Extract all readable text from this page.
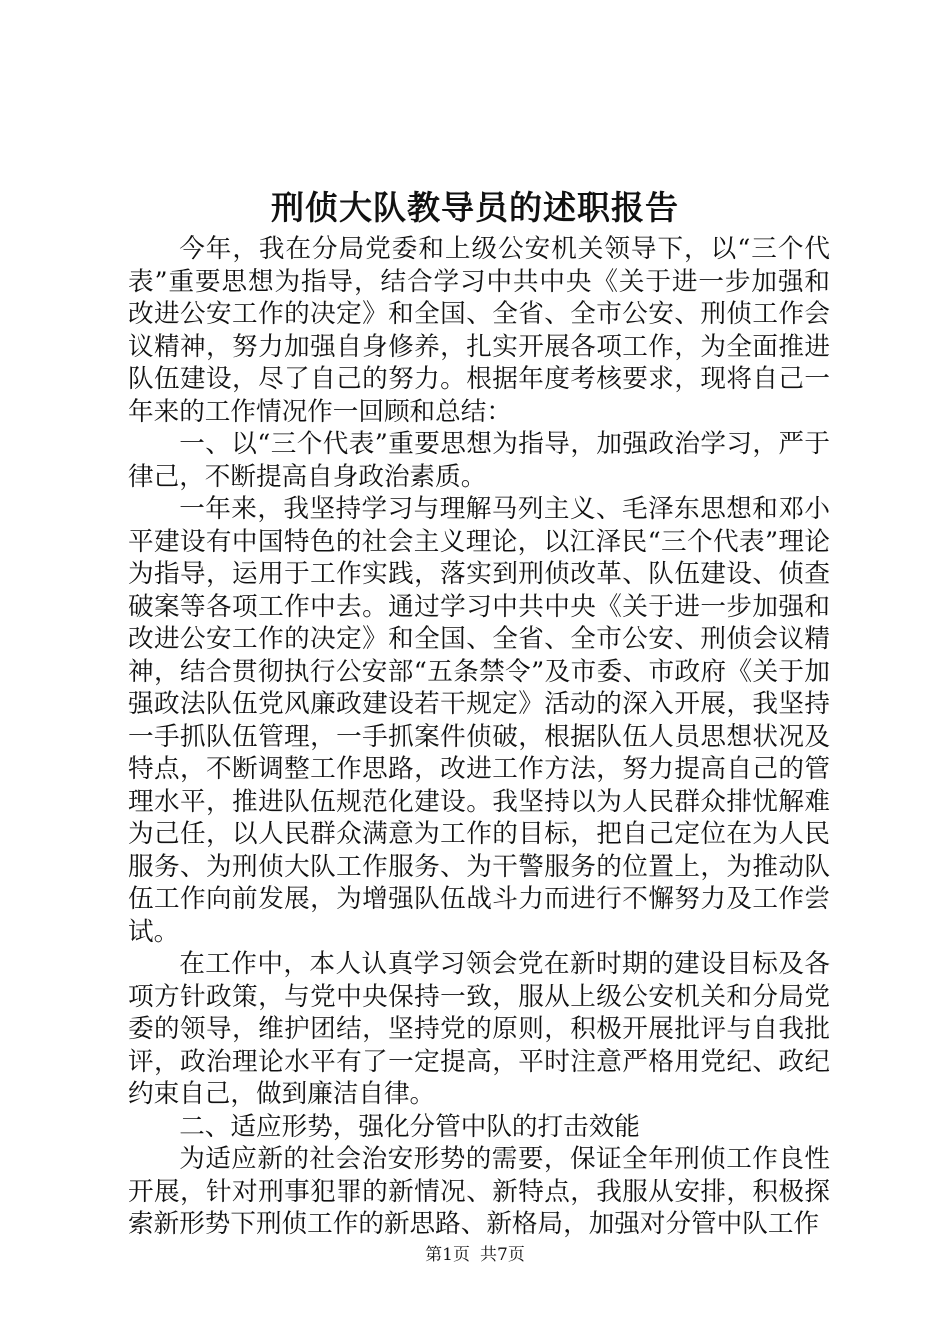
刑侦大队教导员的述职报告

今年，我在分局党委和上级公安机关领导下，以“三个代表”重要思想为指导，结合学习中共中央《关于进一步加强和改进公安工作的决定》和全国、全省、全市公安、刑侦工作会议精神，努力加强自身修养，扎实开展各项工作，为全面推进队伍建设，尽了自己的努力。根据年度考核要求，现将自己一年来的工作情况作一回顾和总结：

一、以“三个代表”重要思想为指导，加强政治学习，严于律己，不断提高自身政治素质。

一年来，我坚持学习与理解马列主义、毛泽东思想和邓小平建设有中国特色的社会主义理论，以江泽民“三个代表”理论为指导，运用于工作实践，落实到刑侦改革、队伍建设、侦查破案等各项工作中去。通过学习中共中央《关于进一步加强和改进公安工作的决定》和全国、全省、全市公安、刑侦会议精神，结合贯彻执行公安部“五条禁令”及市委、市政府《关于加强政法队伍党风廉政建设若干规定》活动的深入开展，我坚持一手抓队伍管理，一手抓案件侦破，根据队伍人员思想状况及特点，不断调整工作思路，改进工作方法，努力提高自己的管理水平，推进队伍规范化建设。我坚持以为人民群众排忧解难为己任，以人民群众满意为工作的目标，把自己定位在为人民服务、为刑侦大队工作服务、为干警服务的位置上，为推动队伍工作向前发展，为增强队伍战斗力而进行不懈努力及工作尝试。

在工作中，本人认真学习领会党在新时期的建设目标及各项方针政策，与党中央保持一致，服从上级公安机关和分局党委的领导，维护团结，坚持党的原则，积极开展批评与自我批评，政治理论水平有了一定提高，平时注意严格用党纪、政纪约束自己，做到廉洁自律。

二、适应形势，强化分管中队的打击效能

为适应新的社会治安形势的需要，保证全年刑侦工作良性开展，针对刑事犯罪的新情况、新特点，我服从安排，积极探索新形势下刑侦工作的新思路、新格局，加强对分管中队工作

第1页 共7页
